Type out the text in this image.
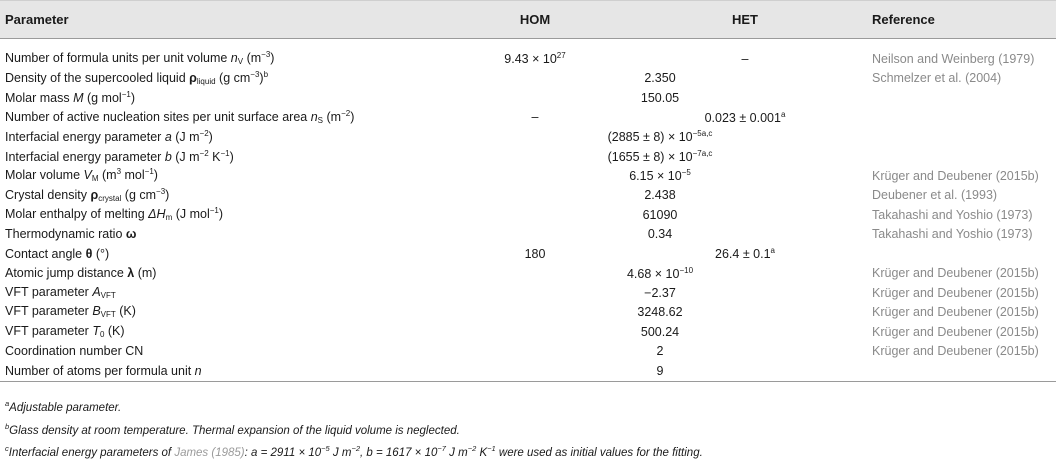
Parameter	HOM	HET	Reference

Number of formula units per unit volume $n_V$ $(m^{-3})$	$9.43 \times 10^{27}$	–	Neilson and Weinberg (1979)
Density of the supercooled liquid $\rho_{liquid}$ (g $cm^{-3})^b$	2.350		Schmelzer et al. (2004)
Molar mass M (g mol$^{-1}$)	150.05		
Number of active nucleation sites per unit surface area $n_S$ $(m^{-2})$	–	0.023 ± 0.001$^a$	
Interfacial energy parameter a (J $m^{-2}$)	$(2885 \pm 8) \times 10^{-5a,c}$	
Interfacial energy parameter b (J $m^{-2}$ $K^{-1}$)	$(1655 \pm 8) \times 10^{-7a,c}$	
Molar volume $V_M$ ($m^3$ mol$^{-1}$)	$6.15 \times 10^{-5}$		Krüger and Deubener (2015b)
Crystal density $\rho_{crystal}$ (g $cm^{-3}$)	2.438		Deubener et al. (1993)
Molar enthalpy of melting $\Delta H_m$ (J mol$^{-1}$)	61090		Takahashi and Yoshio (1973)
Thermodynamic ratio ω	0.34		Takahashi and Yoshio (1973)
Contact angle θ (°)	180	26.4 ± 0.1$^a$	
Atomic jump distance λ (m)	$4.68 \times 10^{-10}$		Krüger and Deubener (2015b)
VFT parameter $A_{VFT}$	−2.37		Krüger and Deubener (2015b)
VFT parameter $B_{VFT}$ (K)	3248.62		Krüger and Deubener (2015b)
VFT parameter $T_0$ (K)	500.24		Krüger and Deubener (2015b)
Coordination number CN	2		Krüger and Deubener (2015b)
Number of atoms per formula unit n	9		
$^a$Adjustable parameter.
$^b$Glass density at room temperature. Thermal expansion of the liquid volume is neglected.
$^c$Interfacial energy parameters of James (1985): $a = 2911 \times 10^{-5}$ J $m^{-2}$, $b = 1617 \times 10^{-7}$ J $m^{-2}$ $K^{-1}$ were used as initial values for the fitting.
